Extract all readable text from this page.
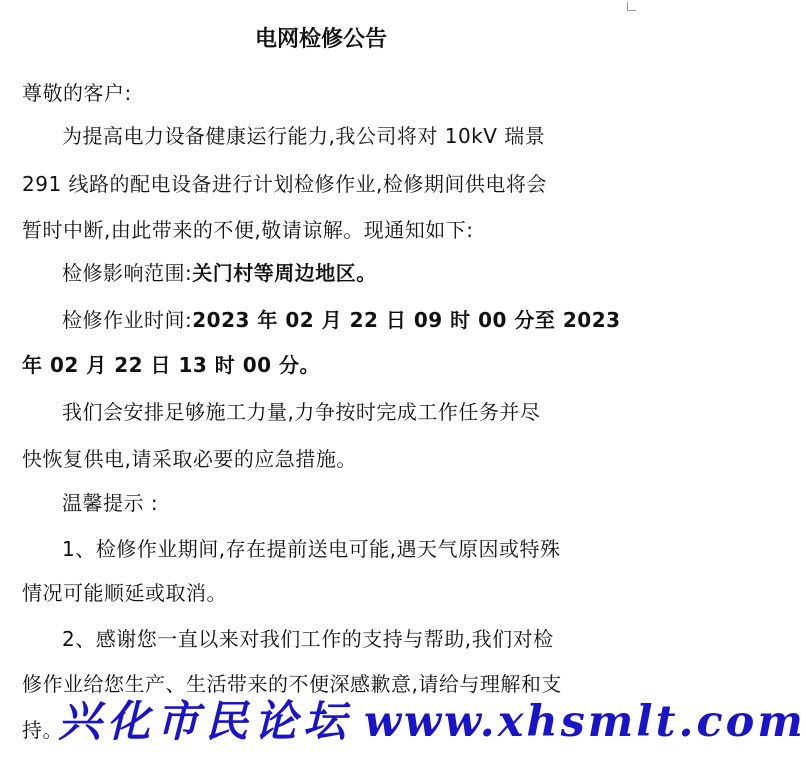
电网检修公告
尊敬的客户:
为提高电力设备健康运行能力,我公司将对 10kV 瑞景
291 线路的配电设备进行计划检修作业,检修期间供电将会
暂时中断,由此带来的不便,敬请谅解。现通知如下:
检修影响范围:关门村等周边地区。
检修作业时间:2023 年 02 月 22 日 09 时 00 分至 2023
年 02 月 22 日 13 时 00 分。
我们会安排足够施工力量,力争按时完成工作任务并尽
快恢复供电,请采取必要的应急措施。
温馨提示 :
1、检修作业期间,存在提前送电可能,遇天气原因或特殊
情况可能顺延或取消。
2、感谢您一直以来对我们工作的支持与帮助,我们对检
修作业给您生产、生活带来的不便深感歉意,请给与理解和支
持。
兴化市民论坛 www.xhsmlt.com
